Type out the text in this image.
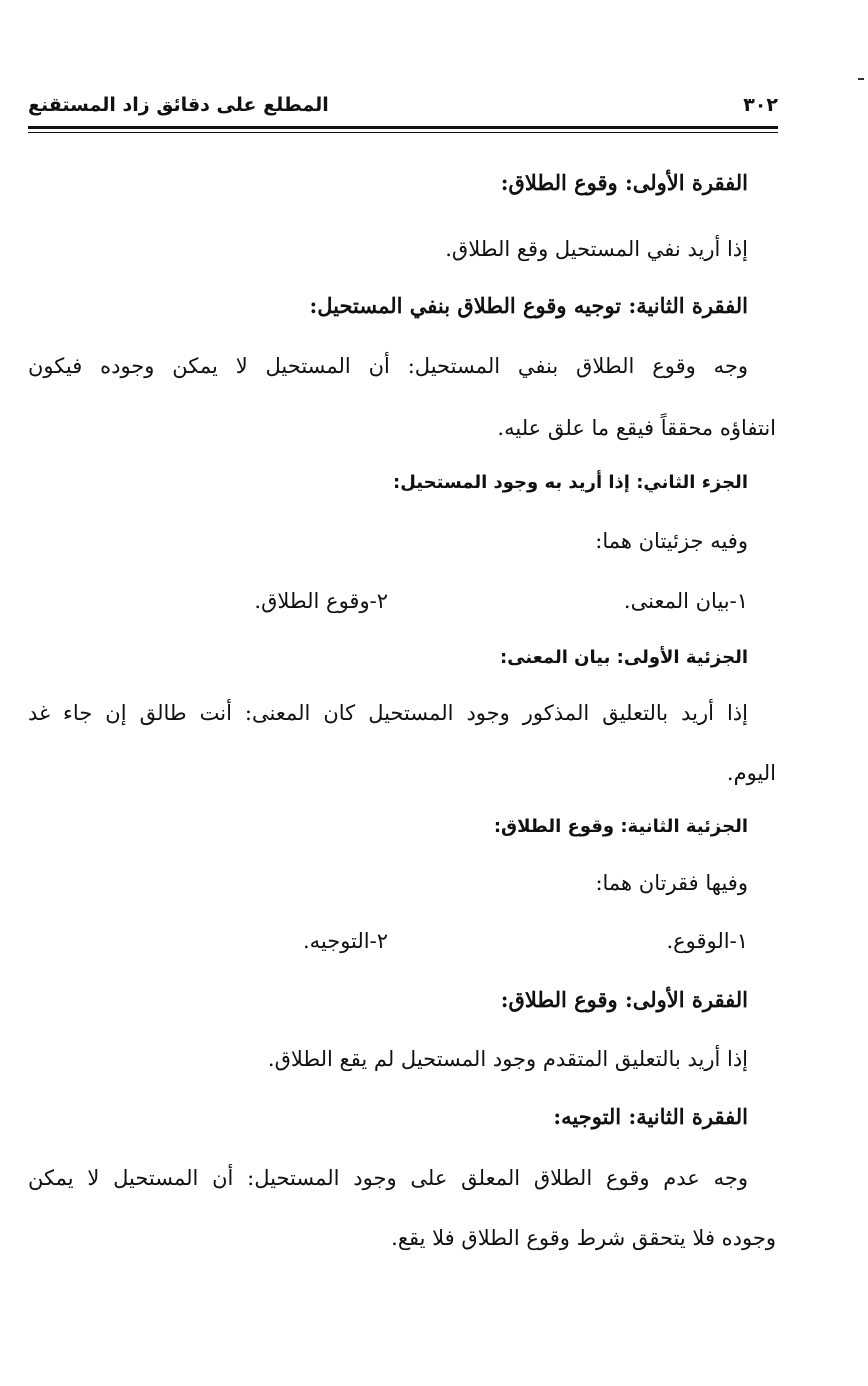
المطلع على دقائق زاد المستقنع	٣٠٢
الفقرة الأولى: وقوع الطلاق:
إذا أريد نفي المستحيل وقع الطلاق.
الفقرة الثانية: توجيه وقوع الطلاق بنفي المستحيل:
وجه وقوع الطلاق بنفي المستحيل: أن المستحيل لا يمكن وجوده فيكون
انتفاؤه محققاً فيقع ما علق عليه.
الجزء الثاني: إذا أريد به وجود المستحيل:
وفيه جزئيتان هما:
١-بيان المعنى.
٢-وقوع الطلاق.
الجزئية الأولى: بيان المعنى:
إذا أريد بالتعليق المذكور وجود المستحيل كان المعنى: أنت طالق إن جاء غد
اليوم.
الجزئية الثانية: وقوع الطلاق:
وفيها فقرتان هما:
١-الوقوع.
٢-التوجيه.
الفقرة الأولى: وقوع الطلاق:
إذا أريد بالتعليق المتقدم وجود المستحيل لم يقع الطلاق.
الفقرة الثانية: التوجيه:
وجه عدم وقوع الطلاق المعلق على وجود المستحيل: أن المستحيل لا يمكن
وجوده فلا يتحقق شرط وقوع الطلاق فلا يقع.
